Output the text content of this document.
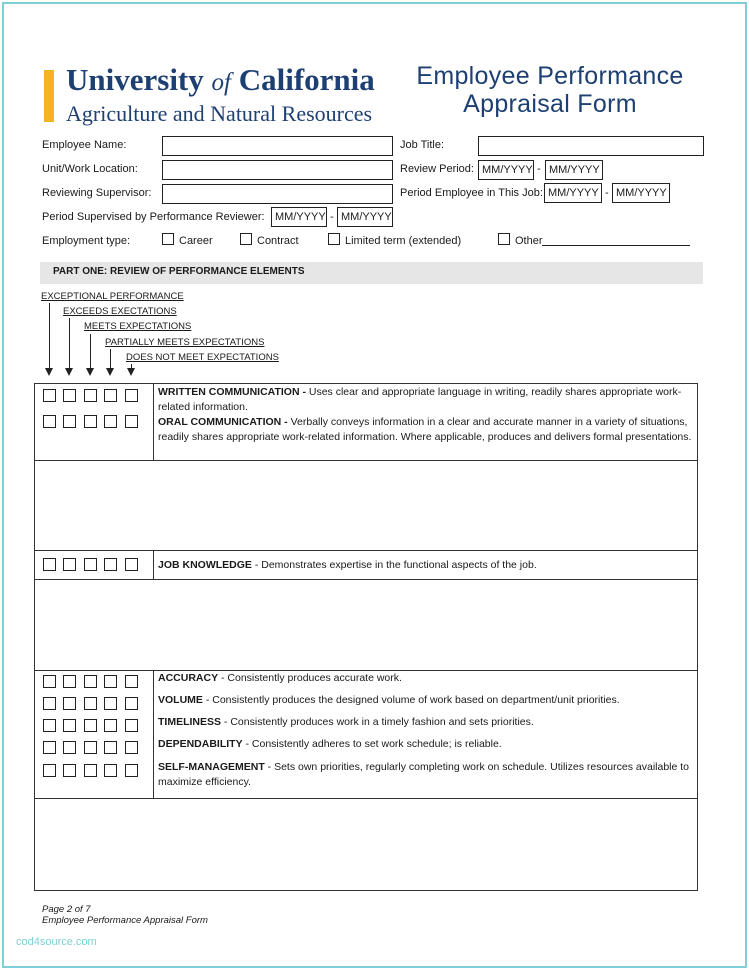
University of California
Agriculture and Natural Resources
Employee Performance
Appraisal Form
Employee Name:	Job Title:
Unit/Work Location:	Review Period: MM/YYYY - MM/YYYY
Reviewing Supervisor:	Period Employee in This Job: MM/YYYY - MM/YYYY
Period Supervised by Performance Reviewer: MM/YYYY - MM/YYYY
Employment type:	Career	Contract	Limited term (extended)	Other
PART ONE: REVIEW OF PERFORMANCE ELEMENTS
EXCEPTIONAL PERFORMANCE
EXCEEDS EXECTATIONS
MEETS EXPECTATIONS
PARTIALLY MEETS EXPECTATIONS
DOES NOT MEET EXPECTATIONS
WRITTEN COMMUNICATION - Uses clear and appropriate language in writing, readily shares appropriate work-related information.
ORAL COMMUNICATION - Verbally conveys information in a clear and accurate manner in a variety of situations, readily shares appropriate work-related information. Where applicable, produces and delivers formal presentations.
JOB KNOWLEDGE - Demonstrates expertise in the functional aspects of the job.
ACCURACY - Consistently produces accurate work.
VOLUME - Consistently produces the designed volume of work based on department/unit priorities.
TIMELINESS - Consistently produces work in a timely fashion and sets priorities.
DEPENDABILITY - Consistently adheres to set work schedule; is reliable.
SELF-MANAGEMENT - Sets own priorities, regularly completing work on schedule. Utilizes resources available to maximize efficiency.
Page 2 of 7
Employee Performance Appraisal Form
cod4source.com
